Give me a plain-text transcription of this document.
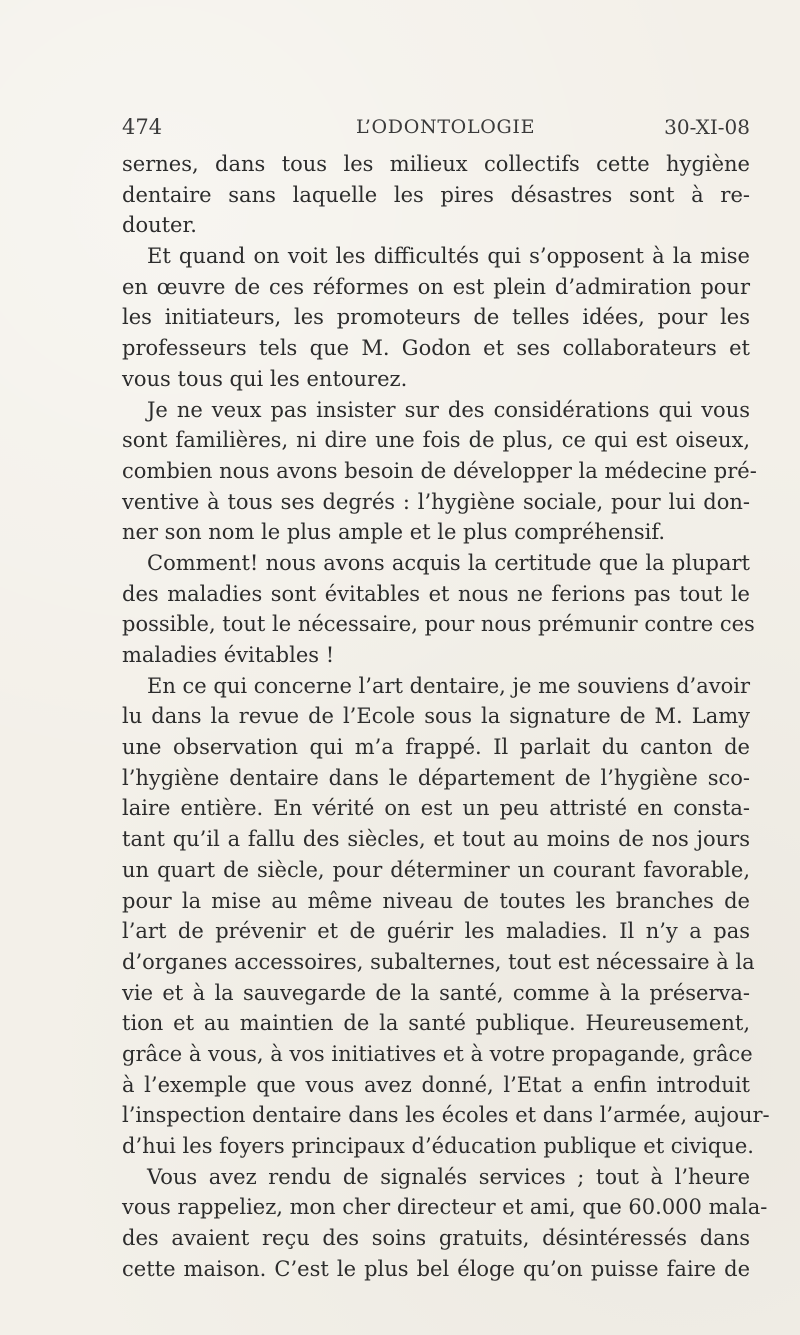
474	L’ODONTOLOGIE	30-XI-08
sernes, dans tous les milieux collectifs cette hygiène
dentaire sans laquelle les pires désastres sont à re-
douter.
Et quand on voit les difficultés qui s’opposent à la mise
en œuvre de ces réformes on est plein d’admiration pour
les initiateurs, les promoteurs de telles idées, pour les
professeurs tels que M. Godon et ses collaborateurs et
vous tous qui les entourez.
Je ne veux pas insister sur des considérations qui vous
sont familières, ni dire une fois de plus, ce qui est oiseux,
combien nous avons besoin de développer la médecine pré-
ventive à tous ses degrés : l’hygiène sociale, pour lui don-
ner son nom le plus ample et le plus compréhensif.
Comment! nous avons acquis la certitude que la plupart
des maladies sont évitables et nous ne ferions pas tout le
possible, tout le nécessaire, pour nous prémunir contre ces
maladies évitables !
En ce qui concerne l’art dentaire, je me souviens d’avoir
lu dans la revue de l’Ecole sous la signature de M. Lamy
une observation qui m’a frappé. Il parlait du canton de
l’hygiène dentaire dans le département de l’hygiène sco-
laire entière. En vérité on est un peu attristé en consta-
tant qu’il a fallu des siècles, et tout au moins de nos jours
un quart de siècle, pour déterminer un courant favorable,
pour la mise au même niveau de toutes les branches de
l’art de prévenir et de guérir les maladies. Il n’y a pas
d’organes accessoires, subalternes, tout est nécessaire à la
vie et à la sauvegarde de la santé, comme à la préserva-
tion et au maintien de la santé publique. Heureusement,
grâce à vous, à vos initiatives et à votre propagande, grâce
à l’exemple que vous avez donné, l’Etat a enfin introduit
l’inspection dentaire dans les écoles et dans l’armée, aujour-
d’hui les foyers principaux d’éducation publique et civique.
Vous avez rendu de signalés services ; tout à l’heure
vous rappeliez, mon cher directeur et ami, que 60.000 mala-
des avaient reçu des soins gratuits, désintéressés dans
cette maison. C’est le plus bel éloge qu’on puisse faire de
